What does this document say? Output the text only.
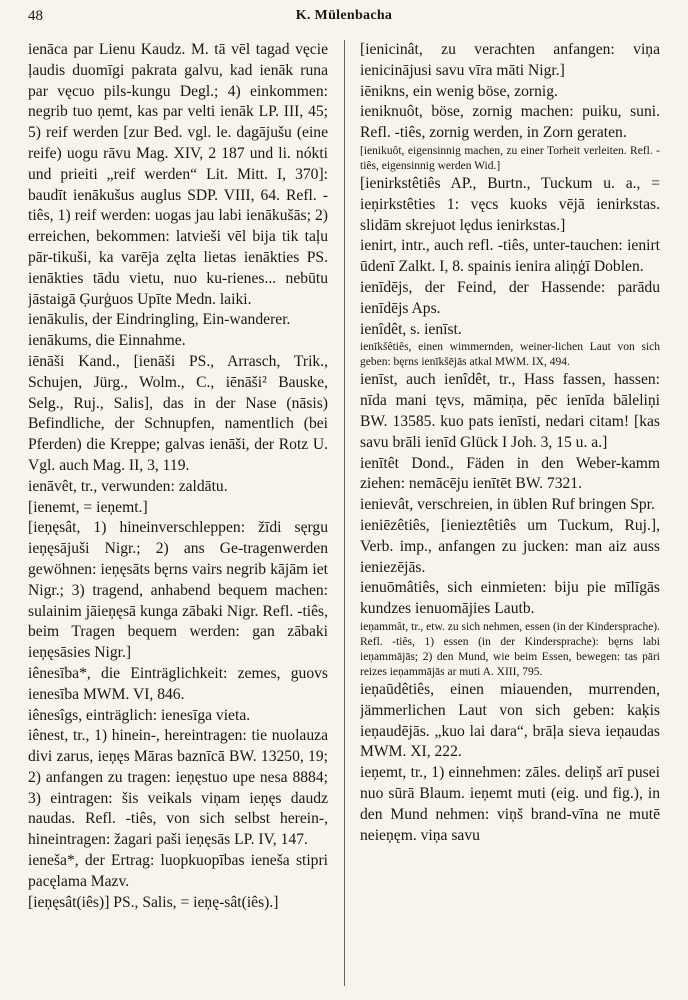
48	K. Mülenbacha

ienāca par Lienu Kaudz. M. tā vēl tagad vęcie ļaudis duomīgi pakrata galvu, kad ienāk runa par vęcuo pils-kungu Degl.; 4) einkommen: negrib tuo ņemt, kas par velti ienāk LP. III, 45; 5) reif werden [zur Bed. vgl. le. dagājušu (eine reife) uogu rāvu Mag. XIV, 2 187 und li. nókti und prieiti „reif werden“ Lit. Mitt. I, 370]: baudīt ienākušus auglus SDP. VIII, 64. Refl. -tiês, 1) reif werden: uogas jau labi ienākušās; 2) erreichen, bekommen: latvieši vēl bija tik taļu pār-tikuši, ka varēja zęlta lietas ienākties PS. ienākties tādu vietu, nuo ku-rienes... nebūtu jāstaigā Ģurģuos Upīte Medn. laiki.

ienākulis, der Eindringling, Ein-wanderer.

ienākums, die Einnahme.

iēnāši Kand., [ienāši PS., Arrasch, Trik., Schujen, Jürg., Wolm., C., iēnāši² Bauske, Selg., Ruj., Salis], das in der Nase (nāsis) Befindliche, der Schnupfen, namentlich (bei Pferden) die Kreppe; galvas ienāši, der Rotz U. Vgl. auch Mag. II, 3, 119.

ienāvêt, tr., verwunden: zaldātu.

[ienemt, = ieņemt.]

[ieņęsât, 1) hineinverschleppen: žīdi sęrgu ieņęsājuši Nigr.; 2) ans Ge-tragenwerden gewöhnen: ieņęsāts bęrns vairs negrib kājām iet Nigr.; 3) tragend, anhabend bequem machen: sulainim jāieņęsā kunga zābaki Nigr. Refl. -tiês, beim Tragen bequem werden: gan zābaki ieņęsāsies Nigr.]

iênesība*, die Einträglichkeit: zemes, guovs ienesība MWM. VI, 846.

iênesîgs, einträglich: ienesīga vieta.

iênest, tr., 1) hinein-, hereintragen: tie nuolauza divi zarus, ieņęs Māras baznīcā BW. 13250, 19; 2) anfangen zu tragen: ieņęstuo upe nesa 8884; 3) eintragen: šis veikals viņam ieņęs daudz naudas. Refl. -tiês, von sich selbst herein-, hineintragen: žagari paši ieņęsās LP. IV, 147.

ieneša*, der Ertrag: luopkuopības ieneša stipri pacęlama Mazv.

[ieņęsât(iês)] PS., Salis, = ieņę-sât(iês).]

[ienicinât, zu verachten anfangen: viņa ienicinājusi savu vīra māti Nigr.]

iēnikns, ein wenig böse, zornig.

ieniknuôt, böse, zornig machen: puiku, suni. Refl. -tiês, zornig werden, in Zorn geraten.

[ienikuôt, eigensinnig machen, zu einer Torheit verleiten. Refl. -tiês, eigensinnig werden Wid.]

[ienirkstêtiês AP., Burtn., Tuckum u. a., = ieņirkstêties 1: vęcs kuoks vējā ienirkstas. slidām skrejuot lędus ienirkstas.]

ienirt, intr., auch refl. -tiês, unter-tauchen: ienirt ūdenī Zalkt. I, 8. spainis ienira aliņģī Doblen.

ienīdējs, der Feind, der Hassende: parādu ienīdējs Aps.

ienîdêt, s. ienīst.

ienīkšêtiês, einen wimmernden, weiner-lichen Laut von sich geben: bęrns ienīkšējās atkal MWM. IX, 494.

ienīst, auch ienîdêt, tr., Hass fassen, hassen: nīda mani tęvs, māmiņa, pēc ienīda bāleliņi BW. 13585. kuo pats ienīsti, nedari citam! [kas savu brāli ienīd Glück I Joh. 3, 15 u. a.]

ienītêt Dond., Fäden in den Weber-kamm ziehen: nemācēju ienītēt BW. 7321.

ienievât, verschreien, in üblen Ruf bringen Spr.

ieniēzêtiês, [ienieztêtiês um Tuckum, Ruj.], Verb. imp., anfangen zu jucken: man aiz auss ieniezējās.

ienuōmâtiês, sich einmieten: biju pie mīlīgās kundzes ienuomājies Lautb.

ieņammât, tr., etw. zu sich nehmen, essen (in der Kindersprache). Refl. -tiês, 1) essen (in der Kindersprache): bęrns labi ieņammājās; 2) den Mund, wie beim Essen, bewegen: tas pāri reizes ieņammājās ar muti A. XIII, 795.

ieņaūdêtiês, einen miauenden, murrenden, jämmerlichen Laut von sich geben: kaķis ieņaudējās. „kuo lai dara“, brāļa sieva ieņaudas MWM. XI, 222.

ieņemt, tr., 1) einnehmen: zāles. deliņš arī pusei nuo sūrā Blaum. ieņemt muti (eig. und fig.), in den Mund nehmen: viņš brand-vīna ne mutē neieņęm. viņa savu
